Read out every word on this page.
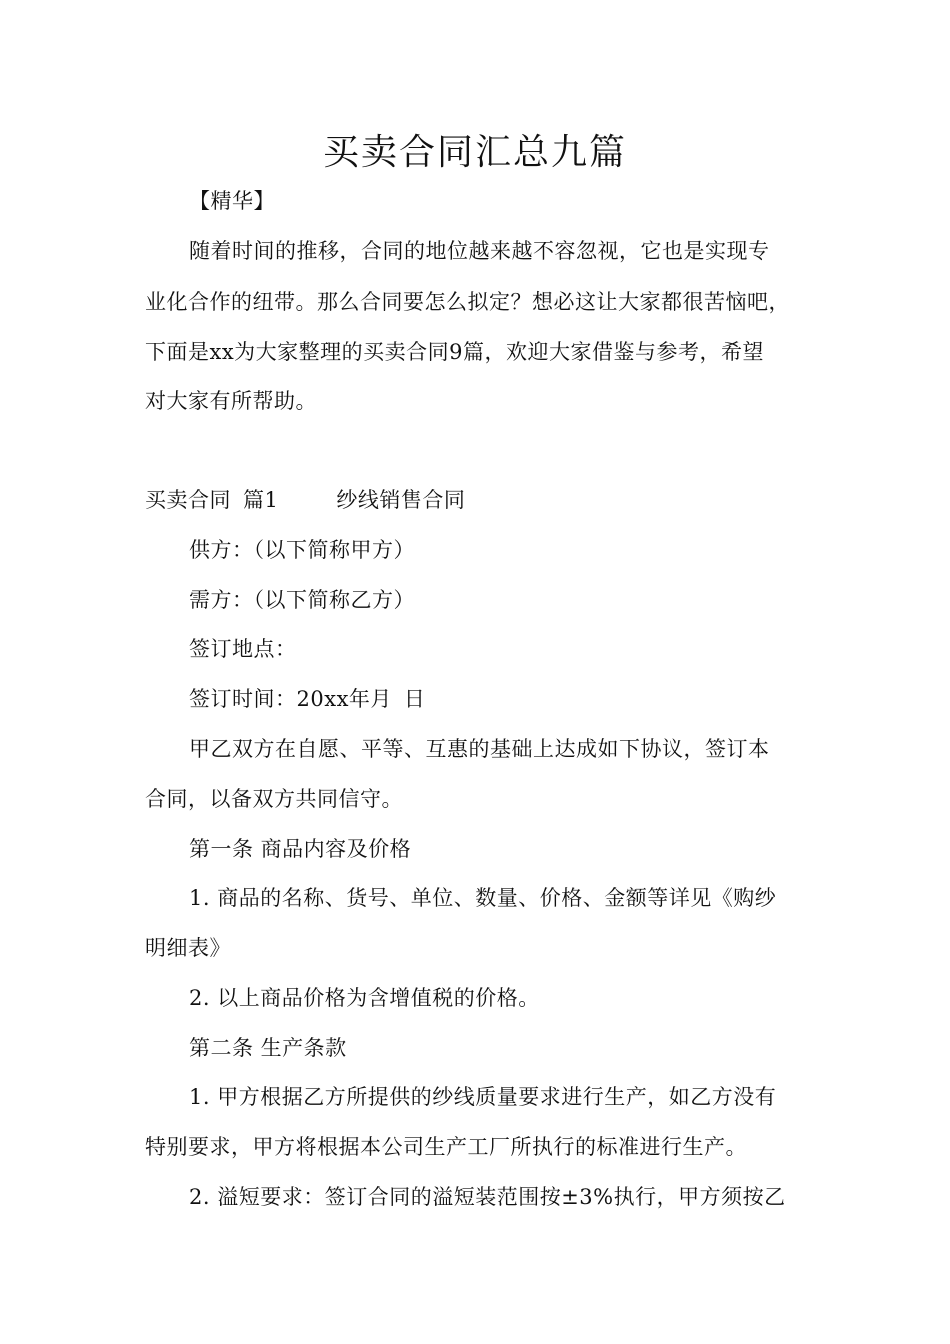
买卖合同汇总九篇
【精华】
随着时间的推移，合同的地位越来越不容忽视，它也是实现专
业化合作的纽带。那么合同要怎么拟定？想必这让大家都很苦恼吧，
下面是xx为大家整理的买卖合同9篇，欢迎大家借鉴与参考，希望
对大家有所帮助。
买卖合同 篇1	纱线销售合同
供方：（以下简称甲方）
需方：（以下简称乙方）
签订地点：
签订时间：20xx年月 日
甲乙双方在自愿、平等、互惠的基础上达成如下协议，签订本
合同，以备双方共同信守。
第一条 商品内容及价格
1. 商品的名称、货号、单位、数量、价格、金额等详见《购纱
明细表》
2. 以上商品价格为含增值税的价格。
第二条 生产条款
1. 甲方根据乙方所提供的纱线质量要求进行生产，如乙方没有
特别要求，甲方将根据本公司生产工厂所执行的标准进行生产。
2. 溢短要求：签订合同的溢短装范围按±3%执行，甲方须按乙
